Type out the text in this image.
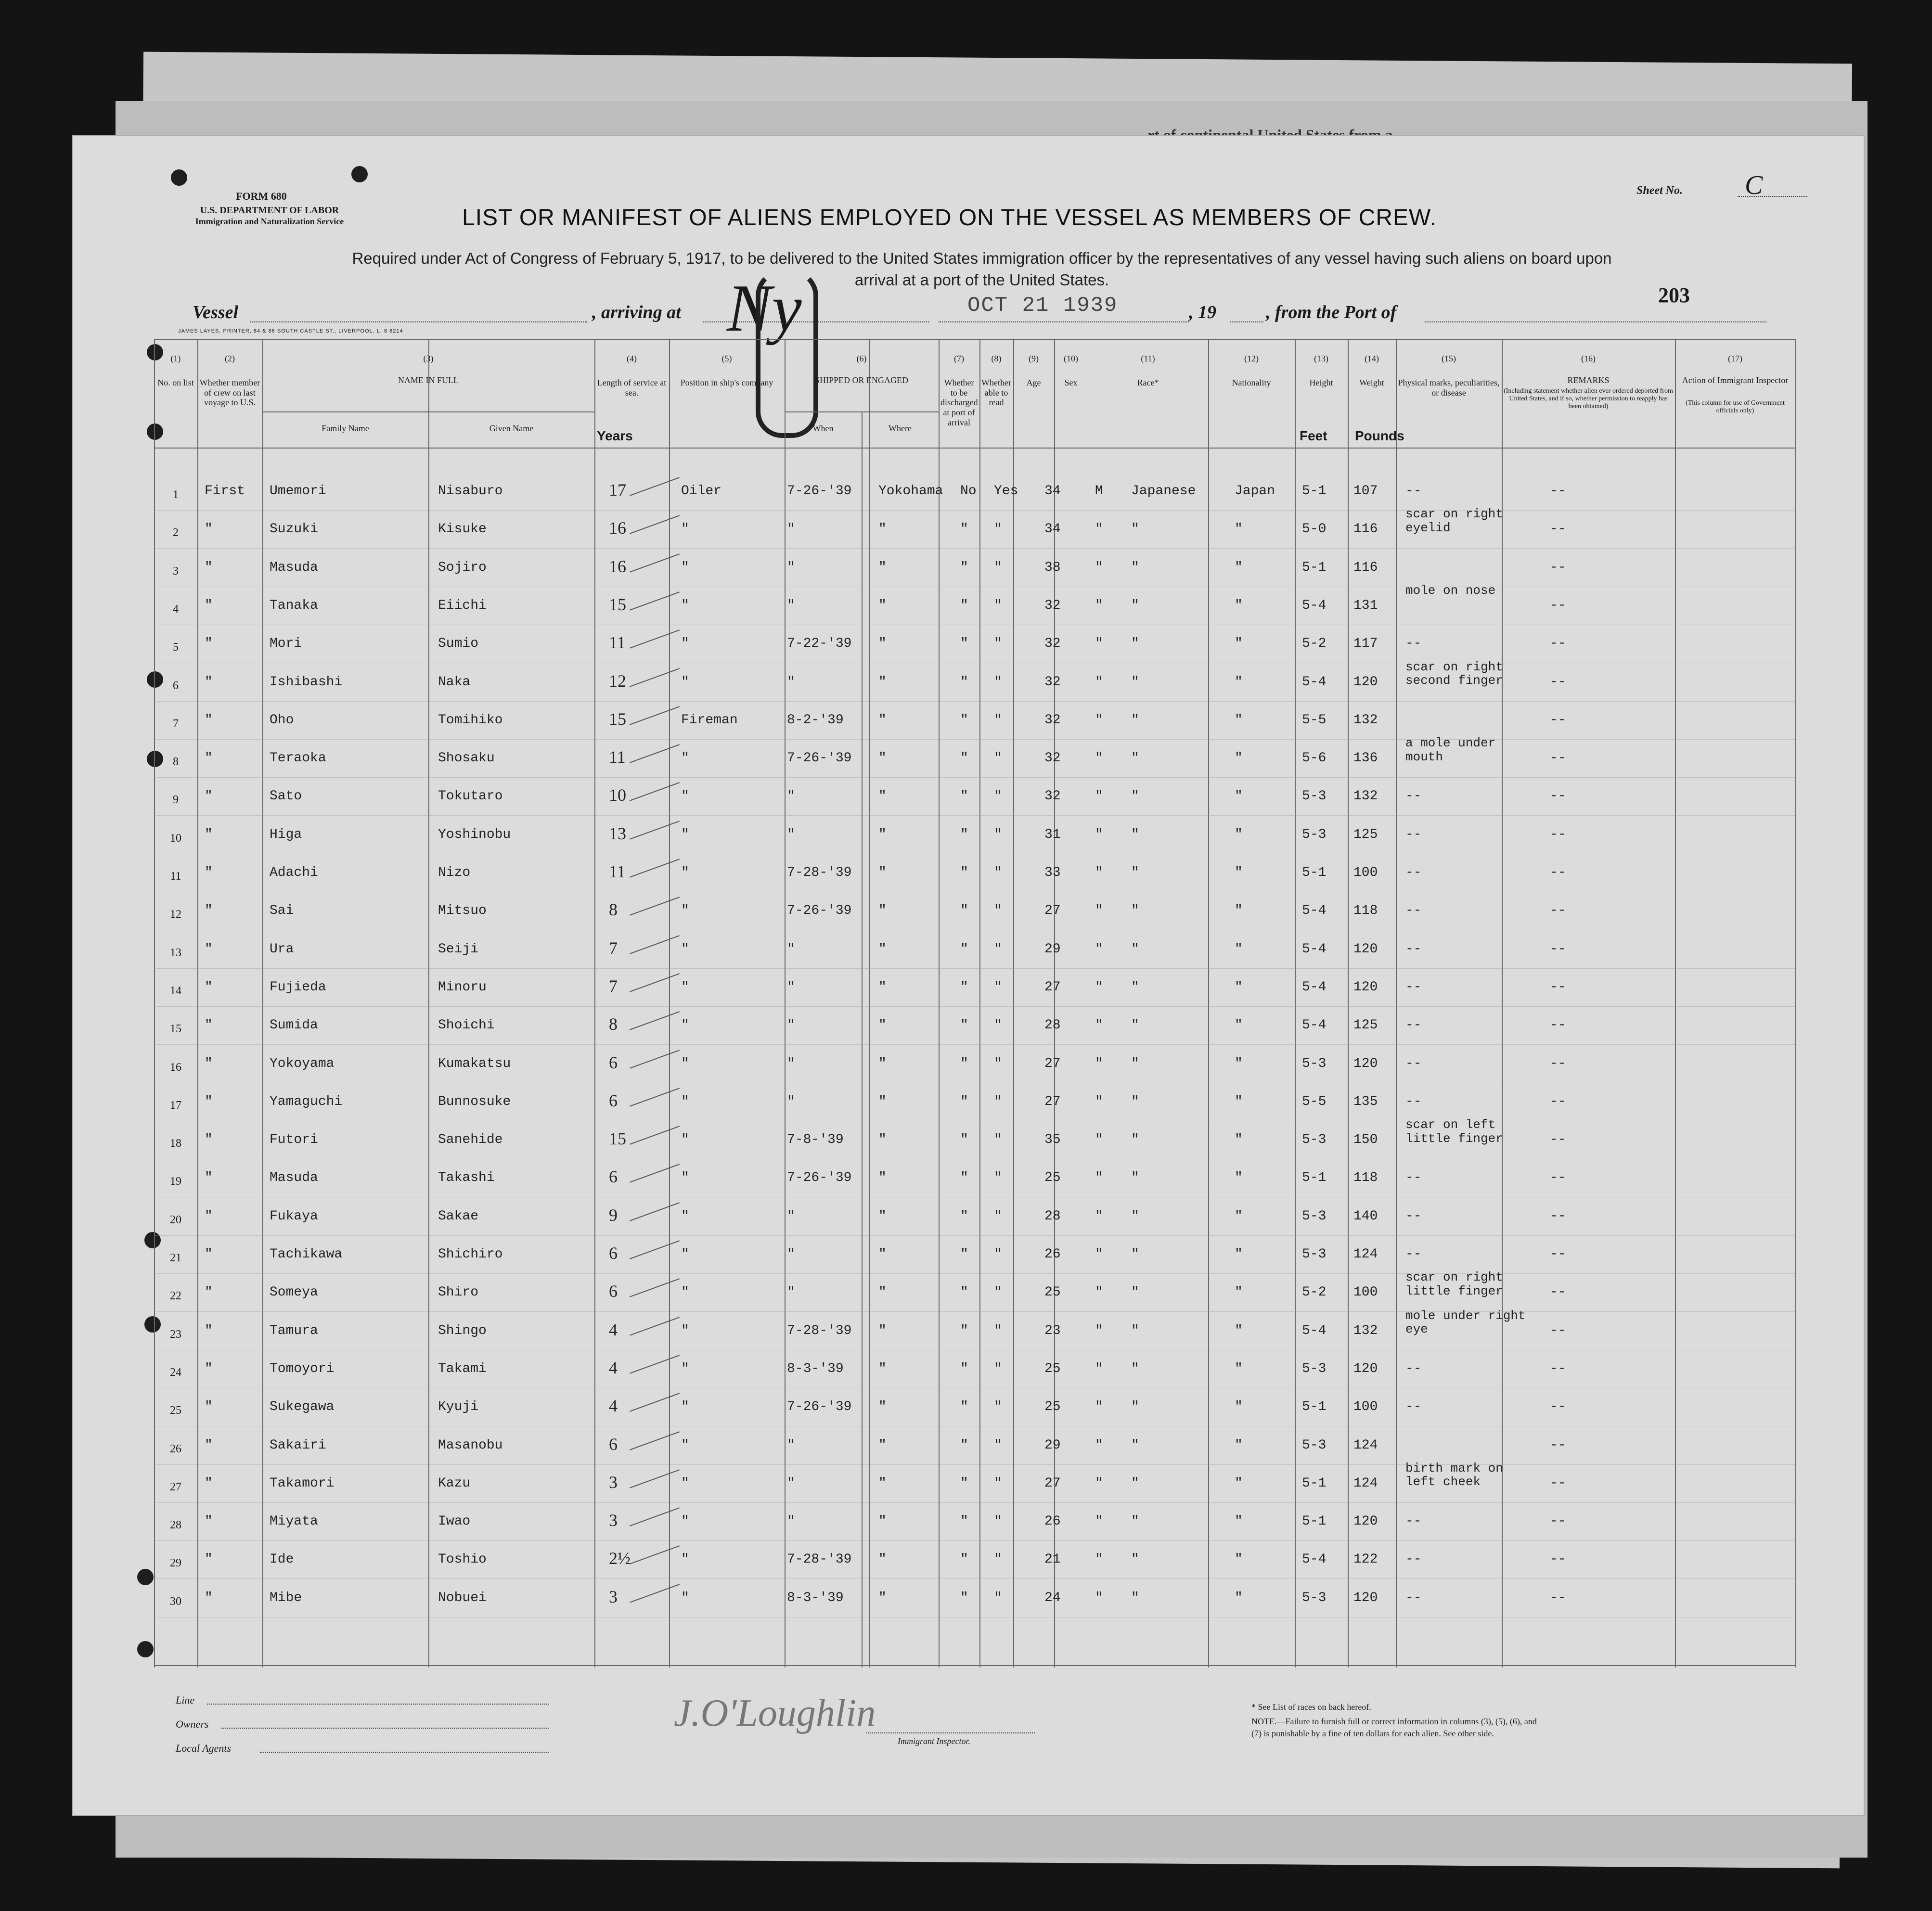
FORM 680
U.S. DEPARTMENT OF LABOR
Immigration and Naturalization Service
Sheet No. C
LIST OR MANIFEST OF ALIENS EMPLOYED ON THE VESSEL AS MEMBERS OF CREW.
Required under Act of Congress of February 5, 1917, to be delivered to the United States immigration officer by the representatives of any vessel having such aliens on board upon
arrival at a port of the United States.
203
Vessel	, arriving at Ny	OCT 21 1939	, 19	, from the Port of
JAMES LAYES, PRINTER, 84 & 86 SOUTH CASTLE ST., LIVERPOOL. L. 8 6214
Years	Feet Pounds
(1)
No. on list
(2)
Whether member of crew on last voyage to U.S.
(3)
NAME IN FULL
Family Name	Given Name
(4)
Length of service at sea.
(5)
Position in ship's company
(6)
SHIPPED OR ENGAGED
When	Where
(7)
Whether to be discharged at port of arrival
(8)
Whether able to read
(9)
Age
(10)
Sex
(11)
Race*
(12)
Nationality
(13)
Height
(14)
Weight
(15)
Physical marks, peculiarities, or disease
(16)
REMARKS
(Including statement whether alien ever ordered deported from United States, and if so, whether permission to reapply has been obtained)
(17)
Action of Immigrant Inspector
(This column for use of Government officials only)
1	First Umemori	Nisaburo	17	Oiler	7-26-'39 Yokohama No Yes 34	M Japanese	Japan 5-1 107 --	--
2	"	Suzuki	Kisuke	16	"	"	"	" "	34	" "	"	5-0 116
scar on right eyelid	--
3	"	Masuda	Sojiro	16	"	"	"	" "	38	" "	"	5-1 116	--
4	"	Tanaka	Eiichi	15	"	"	"	" "	32	" "	"	5-4 131
mole on nose
--
5	"	Mori	Sumio	11	"	7-22-'39 "	" "	32	" "	"	5-2 117 --	--
6	"	Ishibashi	Naka	12	"	"	"	" "	32	" "	"	5-4 120
scar on right second finger	--
7	"	Oho	Tomihiko	15	Fireman	8-2-'39	"	" "	32	" "	"	5-5 132	--
8	"	Teraoka	Shosaku	11	"	7-26-'39 "	" "	32	" "	"	5-6 136
a mole under mouth	--
9	"	Sato	Tokutaro	10	"	"	"	" "	32	" "	"	5-3 132 --	--
10	"	Higa	Yoshinobu	13	"	"	"	" "	31	" "	"	5-3 125 --	--
11	"	Adachi	Nizo	11	"	7-28-'39 "	" "	33	" "	"	5-1 100 --	--
12	"	Sai	Mitsuo	8	"	7-26-'39 "	" "	27	" "	"	5-4 118 --	--
13	"	Ura	Seiji	7	"	"	"	" "	29	" "	"	5-4 120 --	--
14	"	Fujieda	Minoru	7	"	"	"	" "	27	" "	"	5-4 120 --	--
15	"	Sumida	Shoichi	8	"	"	"	" "	28	" "	"	5-4 125 --	--
16	"	Yokoyama	Kumakatsu	6	"	"	"	" "	27	" "	"	5-3 120 --	--
17	"	Yamaguchi	Bunnosuke	6	"	"	"	" "	27	" "	"	5-5 135 --	--
18	"	Futori	Sanehide	15	"	7-8-'39	"	" "	35	" "	"	5-3 150
scar on left little finger	--
19	"	Masuda	Takashi	6	"	7-26-'39 "	" "	25	" "	"	5-1 118 --	--
20	"	Fukaya	Sakae	9	"	"	"	" "	28	" "	"	5-3 140 --	--
21	"	Tachikawa	Shichiro	6	"	"	"	" "	26	" "	"	5-3 124 --	--
22	"	Someya	Shiro	6	"	"	"	" "	25	" "	"	5-2 100
scar on right little finger	--
23	"	Tamura	Shingo	4	"	7-28-'39 "	" "	23	" "	"	5-4 132
mole under right eye	--
24	"	Tomoyori	Takami	4	"	8-3-'39	"	" "	25	" "	"	5-3 120 --	--
25	"	Sukegawa	Kyuji	4	"	7-26-'39 "	" "	25	" "	"	5-1 100 --	--
26	"	Sakairi	Masanobu	6	"	"	"	" "	29	" "	"	5-3 124	--
27	"	Takamori	Kazu	3	"	"	"	" "	27	" "	"	5-1 124
birth mark on left cheek	--
28	"	Miyata	Iwao	3	"	"	"	" "	26	" "	"	5-1 120 --	--
29	"	Ide	Toshio	2½	"	7-28-'39 "	" "	21	" "	"	5-4 122 --	--
30	"	Mibe	Nobuei	3	"	8-3-'39	"	" "	24	" "	"	5-3 120 --	--
J.O'Loughlin
Line
Owners
Local Agents
Immigrant Inspector.
* See List of races on back hereof.
NOTE.—Failure to furnish full or correct information in columns (3), (5), (6), and
(7) is punishable by a fine of ten dollars for each alien. See other side.
